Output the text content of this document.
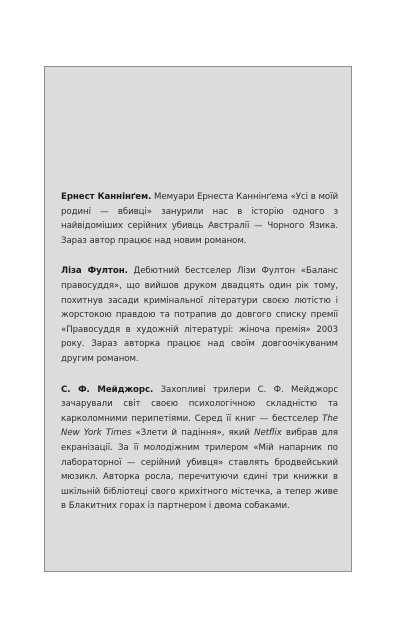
Ернест Каннінґем. Мемуари Ернеста Каннінґема «Усі в моїй родині — вбивці» занурили нас в історію одного з найвідоміших серійних убивць Австралії — Чорного Язика. Зараз автор працює над новим романом.

Ліза Фултон. Дебютний бестселер Лізи Фултон «Баланс правосуддя», що вийшов друком двадцять один рік тому, похитнув засади кримінальної літератури своєю лютістю і жорстокою правдою та потрапив до довгого списку премії «Правосуддя в художній літературі: жіноча премія» 2003 року. Зараз авторка працює над своїм довгоочікуваним другим романом.

С. Ф. Мейджорс. Захопливі трилери С. Ф. Мейджорс зачарували світ своєю психологічною складністю та карколомними перипетіями. Серед її книг — бестселер The New York Times «Злети й падіння», який Netflix вибрав для екранізації. За її молодіжним трилером «Мій напарник по лабораторної — серійний убивця» ставлять бродвейський мюзикл. Авторка росла, перечитуючи єдині три книжки в шкільній бібліотеці свого крихітного містечка, а тепер живе в Блакитних горах із партнером і двома собаками.
